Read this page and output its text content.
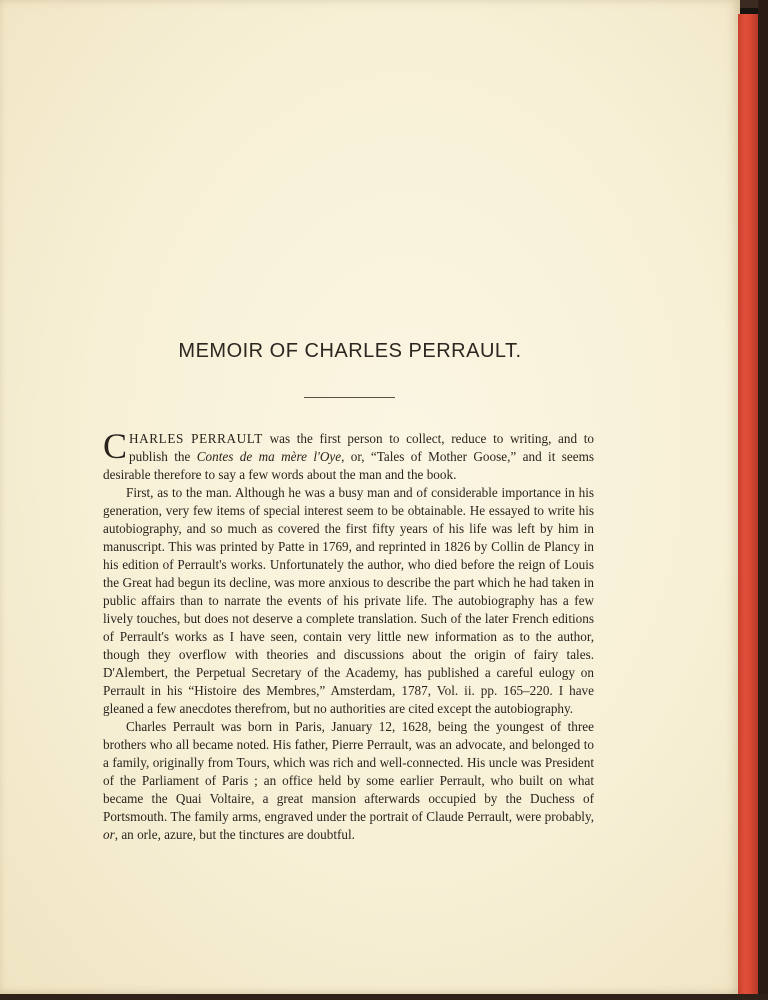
MEMOIR OF CHARLES PERRAULT.

CHARLES PERRAULT was the first person to collect, reduce to writing, and to publish the Contes de ma mère l'Oye, or, “Tales of Mother Goose,” and it seems desirable therefore to say a few words about the man and the book.

First, as to the man. Although he was a busy man and of considerable importance in his generation, very few items of special interest seem to be obtainable. He essayed to write his autobiography, and so much as covered the first fifty years of his life was left by him in manuscript. This was printed by Patte in 1769, and reprinted in 1826 by Collin de Plancy in his edition of Perrault's works. Unfortunately the author, who died before the reign of Louis the Great had begun its decline, was more anxious to describe the part which he had taken in public affairs than to narrate the events of his private life. The autobiography has a few lively touches, but does not deserve a complete translation. Such of the later French editions of Perrault's works as I have seen, contain very little new information as to the author, though they overflow with theories and discussions about the origin of fairy tales. D'Alembert, the Perpetual Secretary of the Academy, has published a careful eulogy on Perrault in his “Histoire des Membres,” Amsterdam, 1787, Vol. ii. pp. 165–220. I have gleaned a few anecdotes therefrom, but no authorities are cited except the autobiography.

Charles Perrault was born in Paris, January 12, 1628, being the youngest of three brothers who all became noted. His father, Pierre Perrault, was an advocate, and belonged to a family, originally from Tours, which was rich and well-connected. His uncle was President of the Parliament of Paris ; an office held by some earlier Perrault, who built on what became the Quai Voltaire, a great mansion afterwards occupied by the Duchess of Portsmouth. The family arms, engraved under the portrait of Claude Perrault, were probably, or, an orle, azure, but the tinctures are doubtful.
